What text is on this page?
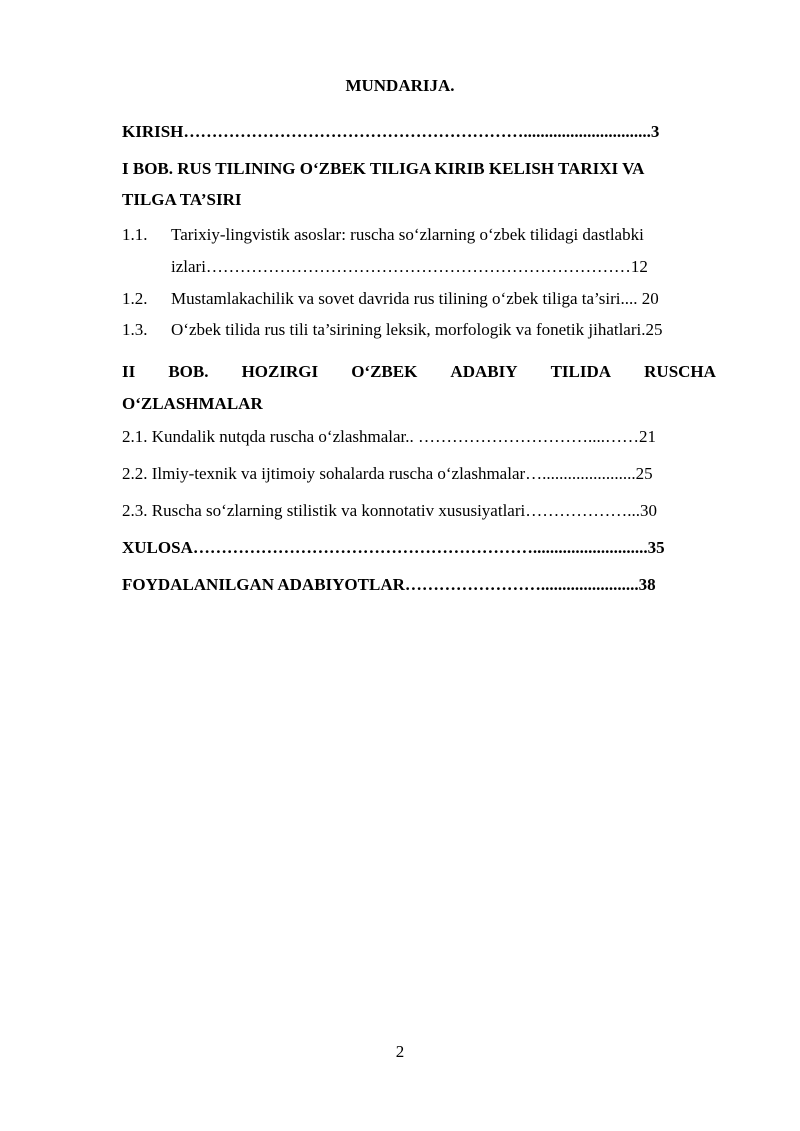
MUNDARIJA.
KIRISH……………………………………………………..............................3
I BOB. RUS TILINING O‘ZBEK TILIGA KIRIB KELISH TARIXI VA
TILGA TA’SIRI
1.1. Tarixiy-lingvistik asoslar: ruscha so‘zlarning o‘zbek tilidagi dastlabki
izlari…………………………………………………………………12
1.2. Mustamlakachilik va sovet davrida rus tilining o‘zbek tiliga ta’siri.... 20
1.3. O‘zbek tilida rus tili ta’sirining leksik, morfologik va fonetik jihatlari.25
II BOB. HOZIRGI O‘ZBEK ADABIY TILIDA RUSCHA
O‘ZLASHMALAR
2.1. Kundalik nutqda ruscha o‘zlashmalar.. …………………………....……21
2.2. Ilmiy-texnik va ijtimoiy sohalarda ruscha o‘zlashmalar…......................25
2.3. Ruscha so‘zlarning stilistik va konnotativ xususiyatlari………………...30
XULOSA……………………………………………………...........................35
FOYDALANILGAN ADABIYOTLAR…………………….......................38
2
